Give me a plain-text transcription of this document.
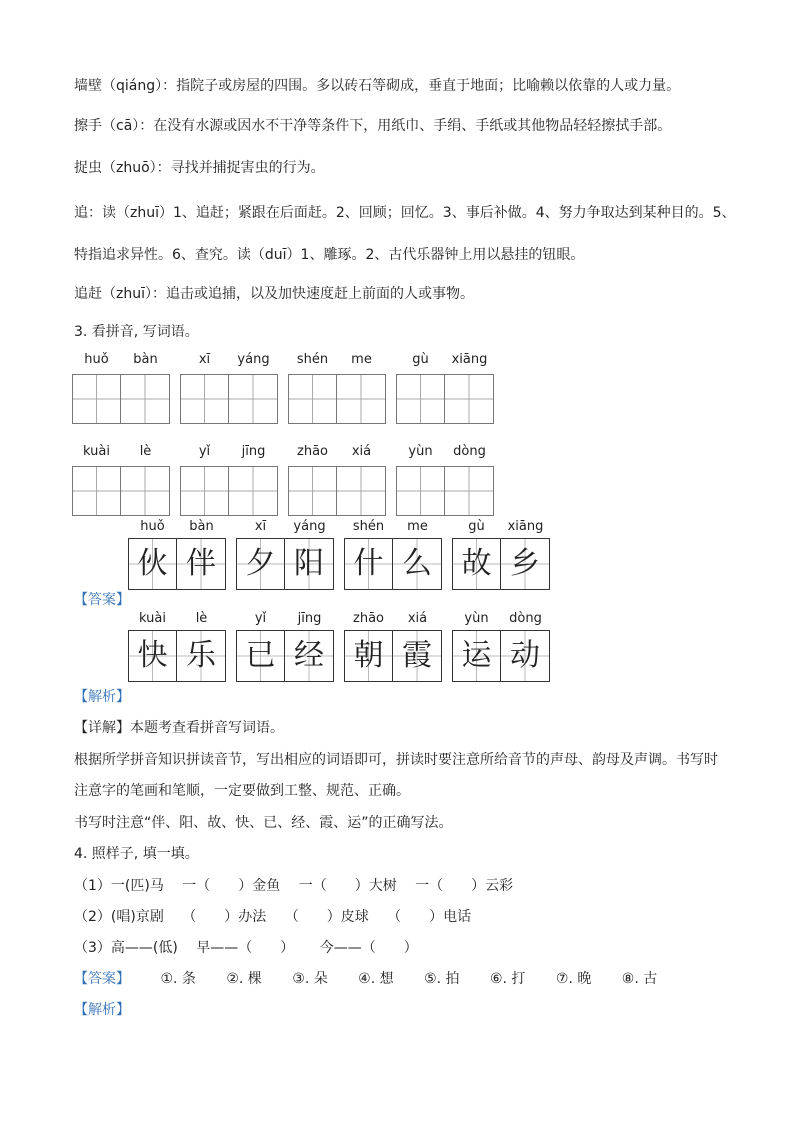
墙壁（qiáng）：指院子或房屋的四围。多以砖石等砌成，垂直于地面；比喻赖以依靠的人或力量。
擦手（cā）：在没有水源或因水不干净等条件下，用纸巾、手绢、手纸或其他物品轻轻擦拭手部。
捉虫（zhuō）：寻找并捕捉害虫的行为。
追：读（zhuī）1、追赶；紧跟在后面赶。2、回顾；回忆。3、事后补做。4、努力争取达到某种目的。5、
特指追求异性。6、查究。读（duī）1、雕琢。2、古代乐器钟上用以悬挂的钮眼。
追赶（zhuī）：追击或追捕，以及加快速度赶上前面的人或事物。
3. 看拼音, 写词语。
huǒ	bàn	xī	yáng	shén	me	gù	xiāng
kuài	lè	yǐ	jīng	zhāo	xiá	yùn	dòng
huǒ	bàn
伙 伴
xī	yáng
夕 阳
shén	me
什 么
gù	xiāng
故 乡
【答案】
kuài	lè
快 乐
yǐ	jīng
已 经
zhāo	xiá
朝 霞
yùn	dòng
运 动
【解析】
【详解】本题考查看拼音写词语。
根据所学拼音知识拼读音节，写出相应的词语即可，拼读时要注意所给音节的声母、韵母及声调。书写时
注意字的笔画和笔顺，一定要做到工整、规范、正确。
书写时注意“伴、阳、故、快、已、经、霞、运”的正确写法。
4. 照样子, 填一填。
（1）一(匹)马　 一（　　）金鱼　 一（　　）大树　 一（　　）云彩
（2）(唱)京剧　 （　　）办法　 （　　）皮球　 （　　）电话
（3）高——(低)　 早——（　　）　　 今——（　　）
【答案】 ①. 条 ②. 棵 ③. 朵 ④. 想 ⑤. 拍 ⑥. 打 ⑦. 晚 ⑧. 古
【解析】
